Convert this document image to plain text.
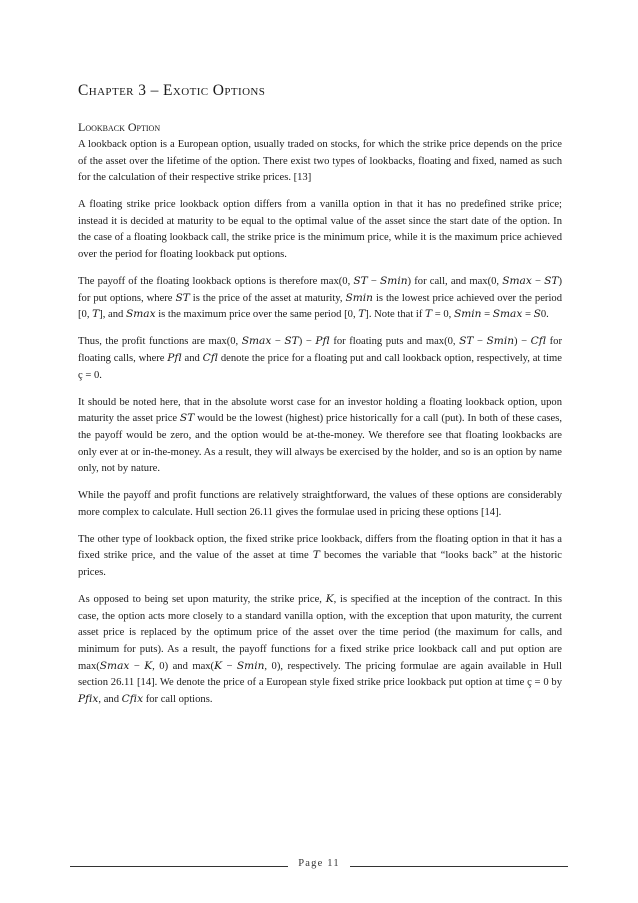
Chapter 3 – Exotic Options
Lookback Option

A lookback option is a European option, usually traded on stocks, for which the strike price depends on the price of the asset over the lifetime of the option. There exist two types of lookbacks, floating and fixed, named as such for the calculation of their respective strike prices. [13]

A floating strike price lookback option differs from a vanilla option in that it has no predefined strike price; instead it is decided at maturity to be equal to the optimal value of the asset since the start date of the option. In the case of a floating lookback call, the strike price is the minimum price, while it is the maximum price achieved over the period for floating lookback put options.

The payoff of the floating lookback options is therefore max(0, 𝑆𝑇 − 𝑆𝑚𝑖𝑛) for call, and max(0, 𝑆𝑚𝑎𝑥 − 𝑆𝑇) for put options, where 𝑆𝑇 is the price of the asset at maturity, 𝑆𝑚𝑖𝑛 is the lowest price achieved over the period [0, 𝑇], and 𝑆𝑚𝑎𝑥 is the maximum price over the same period [0, 𝑇]. Note that if 𝑇 = 0, 𝑆𝑚𝑖𝑛 = 𝑆𝑚𝑎𝑥 = 𝑆0.

Thus, the profit functions are max(0, 𝑆𝑚𝑎𝑥 − 𝑆𝑇) − 𝑃𝑓𝑙 for floating puts and max(0, 𝑆𝑇 − 𝑆𝑚𝑖𝑛) − 𝐶𝑓𝑙 for floating calls, where 𝑃𝑓𝑙 and 𝐶𝑓𝑙 denote the price for a floating put and call lookback option, respectively, at time ç = 0.

It should be noted here, that in the absolute worst case for an investor holding a floating lookback option, upon maturity the asset price 𝑆𝑇 would be the lowest (highest) price historically for a call (put). In both of these cases, the payoff would be zero, and the option would be at-the-money. We therefore see that floating lookbacks are only ever at or in-the-money. As a result, they will always be exercised by the holder, and so is an option by name only, not by nature.

While the payoff and profit functions are relatively straightforward, the values of these options are considerably more complex to calculate. Hull section 26.11 gives the formulae used in pricing these options [14].

The other type of lookback option, the fixed strike price lookback, differs from the floating option in that it has a fixed strike price, and the value of the asset at time 𝑇 becomes the variable that “looks back” at the historic prices.

As opposed to being set upon maturity, the strike price, 𝐾, is specified at the inception of the contract. In this case, the option acts more closely to a standard vanilla option, with the exception that upon maturity, the current asset price is replaced by the optimum price of the asset over the time period (the maximum for calls, and minimum for puts). As a result, the payoff functions for a fixed strike price lookback call and put option are max(𝑆𝑚𝑎𝑥 − 𝐾, 0) and max(𝐾 − 𝑆𝑚𝑖𝑛, 0), respectively. The pricing formulae are again available in Hull section 26.11 [14]. We denote the price of a European style fixed strike price lookback put option at time ç = 0 by 𝑃𝑓𝑖𝑥, and 𝐶𝑓𝑖𝑥 for call options.

Page 11
